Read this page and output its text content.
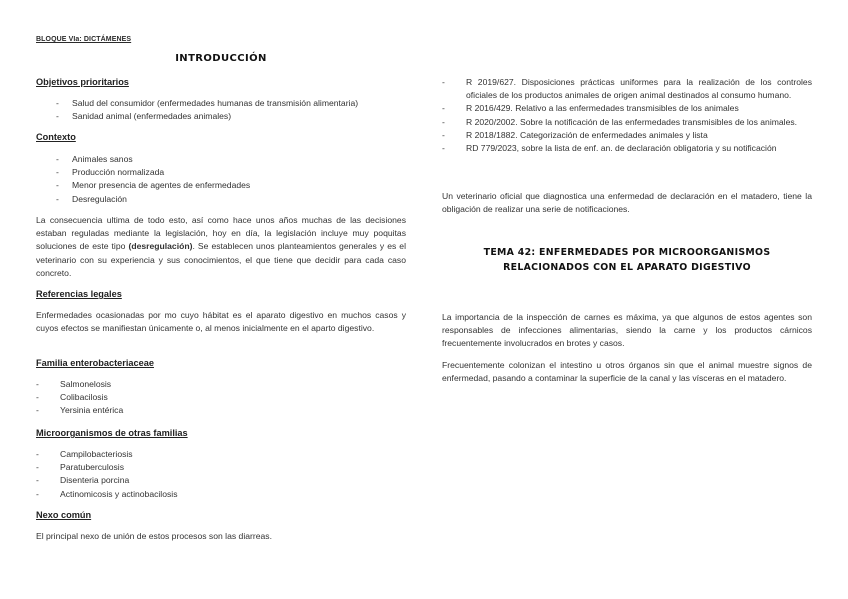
BLOQUE VIa: DICTÁMENES
INTRODUCCIÓN
Objetivos prioritarios
- Salud del consumidor (enfermedades humanas de transmisión alimentaria)
- Sanidad animal (enfermedades animales)
Contexto
- Animales sanos
- Producción normalizada
- Menor presencia de agentes de enfermedades
- Desregulación
La consecuencia ultima de todo esto, así como hace unos años muchas de las decisiones estaban reguladas mediante la legislación, hoy en día, la legislación incluye muy poquitas soluciones de este tipo (desregulación). Se establecen unos planteamientos generales y es el veterinario con su experiencia y sus conocimientos, el que tiene que decidir para cada caso concreto.
Referencias legales
Enfermedades ocasionadas por mo cuyo hábitat es el aparato digestivo en muchos casos y cuyos efectos se manifiestan únicamente o, al menos inicialmente en el aparto digestivo.
Familia enterobacteriaceae
- Salmonelosis
- Colibacilosis
- Yersinia entérica
Microorganismos de otras familias
- Campilobacteriosis
- Paratuberculosis
- Disenteria porcina
- Actinomicosis y actinobacilosis
Nexo común
El principal nexo de unión de estos procesos son las diarreas.
- R 2019/627. Disposiciones prácticas uniformes para la realización de los controles oficiales de los productos animales de origen animal destinados al consumo humano.
- R 2016/429. Relativo a las enfermedades transmisibles de los animales
- R 2020/2002. Sobre la notificación de las enfermedades transmisibles de los animales.
- R 2018/1882. Categorización de enfermedades animales y lista
- RD 779/2023, sobre la lista de enf. an. de declaración obligatoria y su notificación
Un veterinario oficial que diagnostica una enfermedad de declaración en el matadero, tiene la obligación de realizar una serie de notificaciones.
TEMA 42: ENFERMEDADES POR MICROORGANISMOS
RELACIONADOS CON EL APARATO DIGESTIVO
La importancia de la inspección de carnes es máxima, ya que algunos de estos agentes son responsables de infecciones alimentarias, siendo la carne y los productos cárnicos frecuentemente involucrados en brotes y casos.
Frecuentemente colonizan el intestino u otros órganos sin que el animal muestre signos de enfermedad, pasando a contaminar la superficie de la canal y las vísceras en el matadero.
